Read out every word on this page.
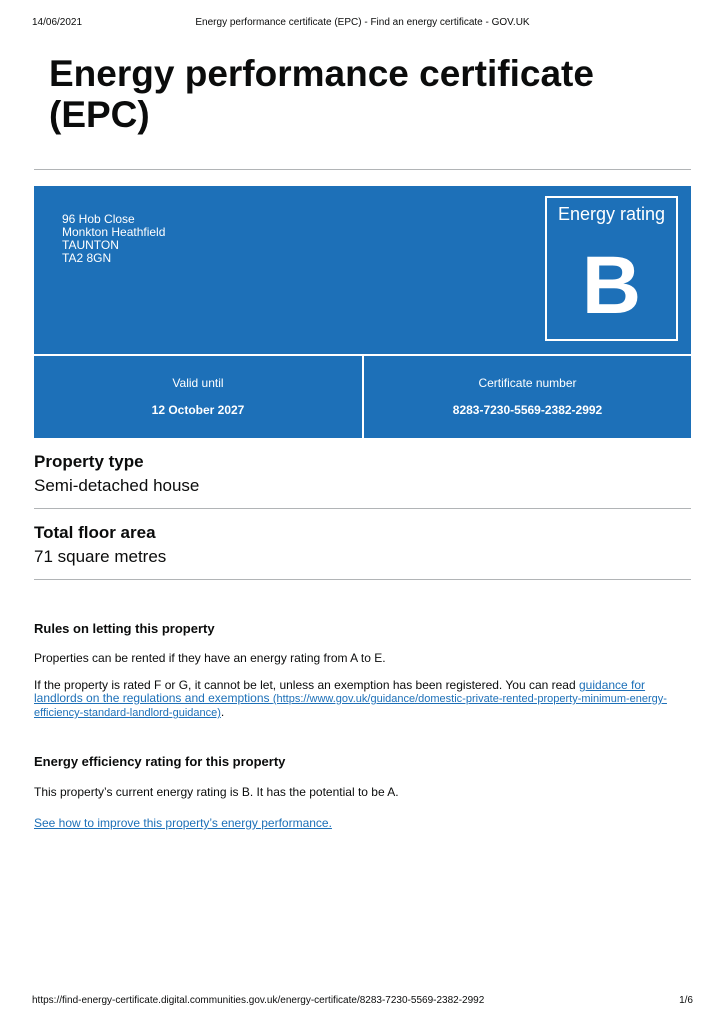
14/06/2021	Energy performance certificate (EPC) - Find an energy certificate - GOV.UK
Energy performance certificate (EPC)
96 Hob Close
Monkton Heathfield
TAUNTON
TA2 8GN
Energy rating
B
Valid until
12 October 2027
Certificate number
8283-7230-5569-2382-2992
Property type
Semi-detached house
Total floor area
71 square metres
Rules on letting this property

Properties can be rented if they have an energy rating from A to E.

If the property is rated F or G, it cannot be let, unless an exemption has been registered. You can read guidance for landlords on the regulations and exemptions (https://www.gov.uk/guidance/domestic-private-rented-property-minimum-energy-efficiency-standard-landlord-guidance).

Energy efficiency rating for this property

This property’s current energy rating is B. It has the potential to be A.

See how to improve this property’s energy performance.

https://find-energy-certificate.digital.communities.gov.uk/energy-certificate/8283-7230-5569-2382-2992	1/6
